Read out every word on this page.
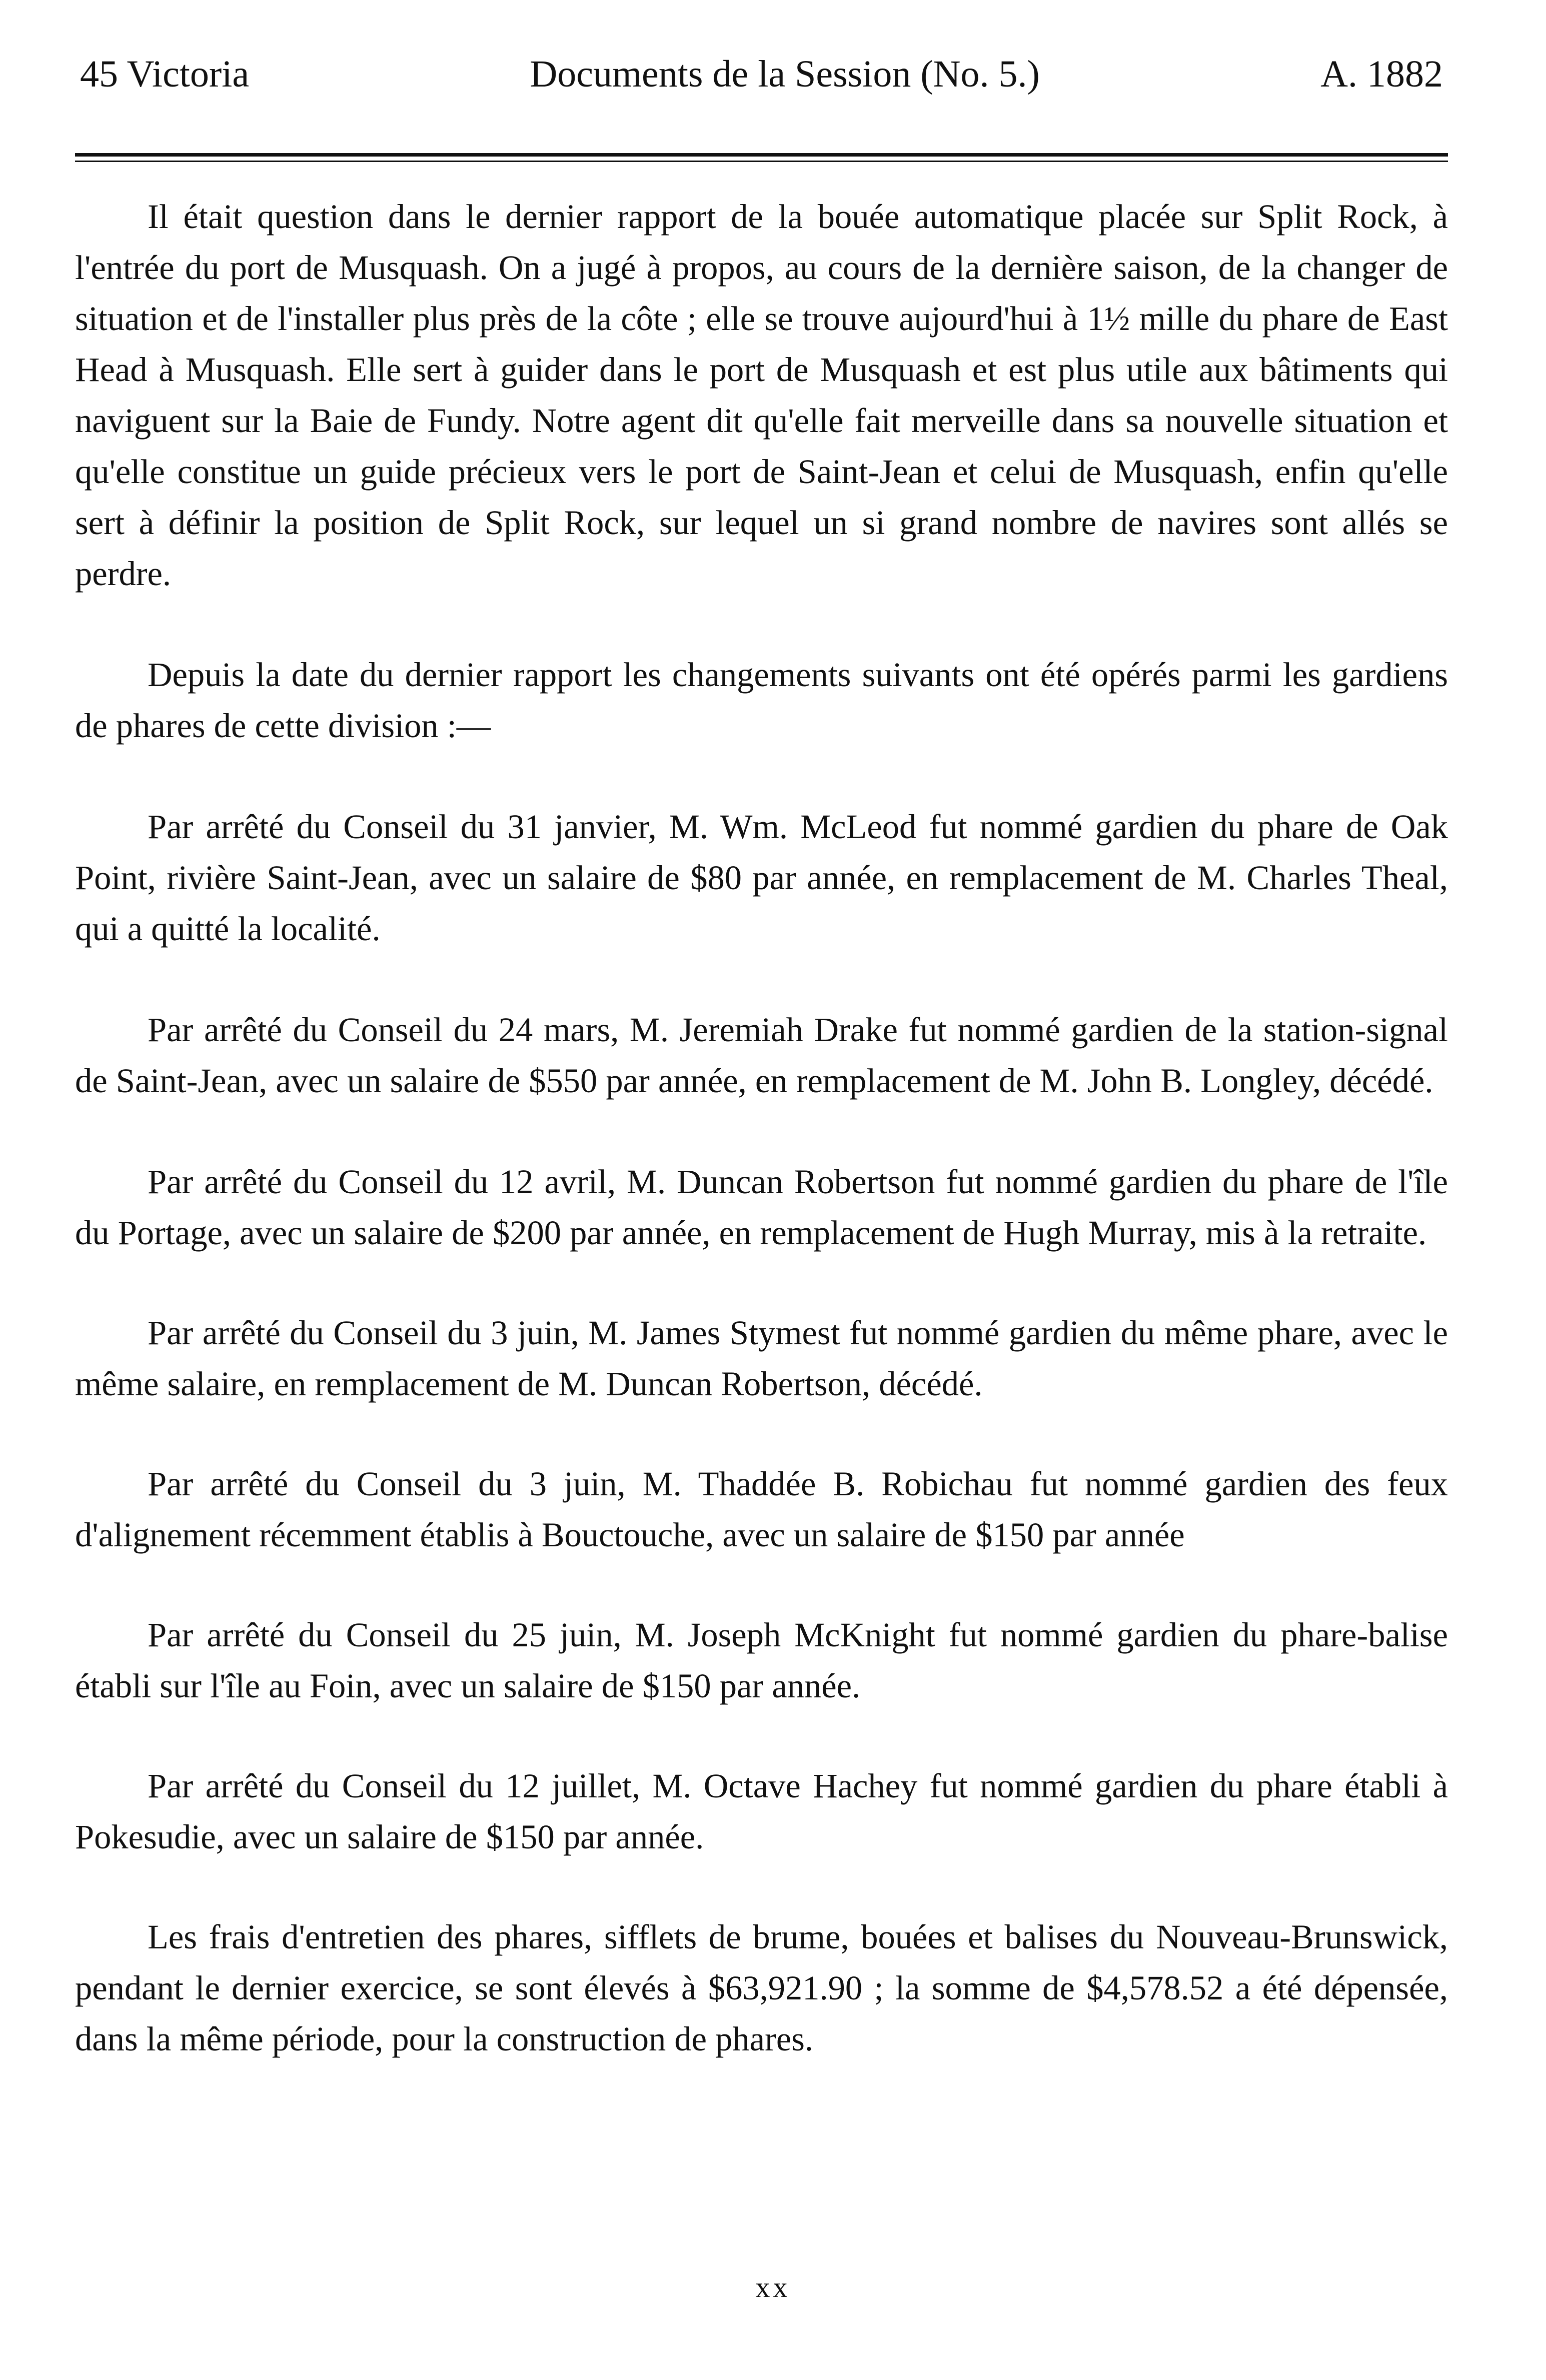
45 Victoria	Documents de la Session (No. 5.)	A. 1882

Il était question dans le dernier rapport de la bouée automatique placée sur Split Rock, à l'entrée du port de Musquash. On a jugé à propos, au cours de la dernière saison, de la changer de situation et de l'installer plus près de la côte ; elle se trouve aujourd'hui à 1½ mille du phare de East Head à Musquash. Elle sert à guider dans le port de Musquash et est plus utile aux bâtiments qui naviguent sur la Baie de Fundy. Notre agent dit qu'elle fait merveille dans sa nouvelle situation et qu'elle constitue un guide précieux vers le port de Saint-Jean et celui de Musquash, enfin qu'elle sert à définir la position de Split Rock, sur lequel un si grand nombre de navires sont allés se perdre.

Depuis la date du dernier rapport les changements suivants ont été opérés parmi les gardiens de phares de cette division :—

Par arrêté du Conseil du 31 janvier, M. Wm. McLeod fut nommé gardien du phare de Oak Point, rivière Saint-Jean, avec un salaire de $80 par année, en remplacement de M. Charles Theal, qui a quitté la localité.

Par arrêté du Conseil du 24 mars, M. Jeremiah Drake fut nommé gardien de la station-signal de Saint-Jean, avec un salaire de $550 par année, en remplacement de M. John B. Longley, décédé.

Par arrêté du Conseil du 12 avril, M. Duncan Robertson fut nommé gardien du phare de l'île du Portage, avec un salaire de $200 par année, en remplacement de Hugh Murray, mis à la retraite.

Par arrêté du Conseil du 3 juin, M. James Stymest fut nommé gardien du même phare, avec le même salaire, en remplacement de M. Duncan Robertson, décédé.

Par arrêté du Conseil du 3 juin, M. Thaddée B. Robichau fut nommé gardien des feux d'alignement récemment établis à Bouctouche, avec un salaire de $150 par année

Par arrêté du Conseil du 25 juin, M. Joseph McKnight fut nommé gardien du phare-balise établi sur l'île au Foin, avec un salaire de $150 par année.

Par arrêté du Conseil du 12 juillet, M. Octave Hachey fut nommé gardien du phare établi à Pokesudie, avec un salaire de $150 par année.

Les frais d'entretien des phares, sifflets de brume, bouées et balises du Nouveau-Brunswick, pendant le dernier exercice, se sont élevés à $63,921.90 ; la somme de $4,578.52 a été dépensée, dans la même période, pour la construction de phares.

xx
